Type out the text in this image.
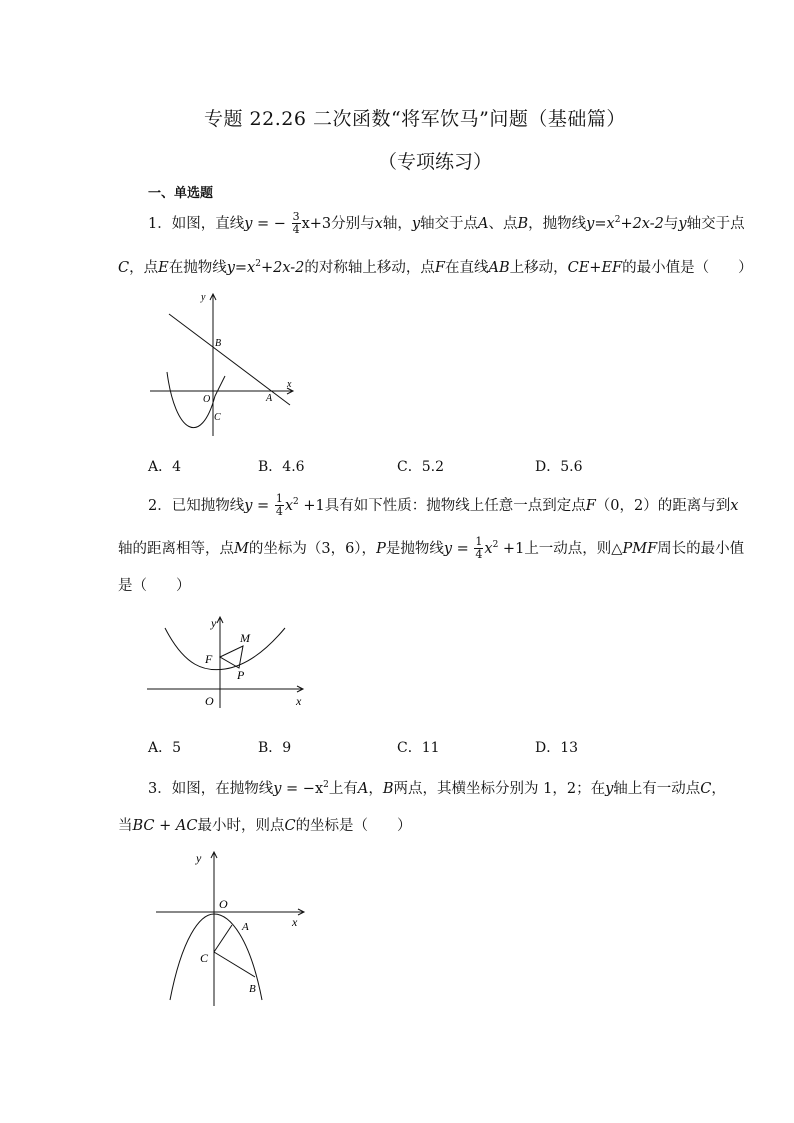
专题 22.26 二次函数“将军饮马”问题（基础篇）
（专项练习）
一、单选题
1．如图，直线y = − $\frac{3}{4} x+3$分别与x轴，y轴交于点A、点B，抛物线$y=x^2+2x-2$与y轴交于点
C，点E在抛物线$y=x^2+2x-2$的对称轴上移动，点F在直线AB上移动，CE+EF的最小值是（　　）
y
x
B
O
C
A
A．4	B．4.6	C．5.2	D．5.6
2．已知抛物线$y = \frac{1}{4} x^2 +1$具有如下性质：抛物线上任意一点到定点F（0，2）的距离与到x
轴的距离相等，点M的坐标为（3，6），P是抛物线$y = \frac{1}{4} x^2 +1$上一动点，则△PMF周长的最小值
是（　　）
y
x
M
F
P
O
A．5	B．9	C．11	D．13
3．如图，在抛物线$y = -x^2$上有A，B两点，其横坐标分别为 1，2；在y轴上有一动点C，
当BC + AC最小时，则点C的坐标是（　　）
y
O
x
A
C
B
